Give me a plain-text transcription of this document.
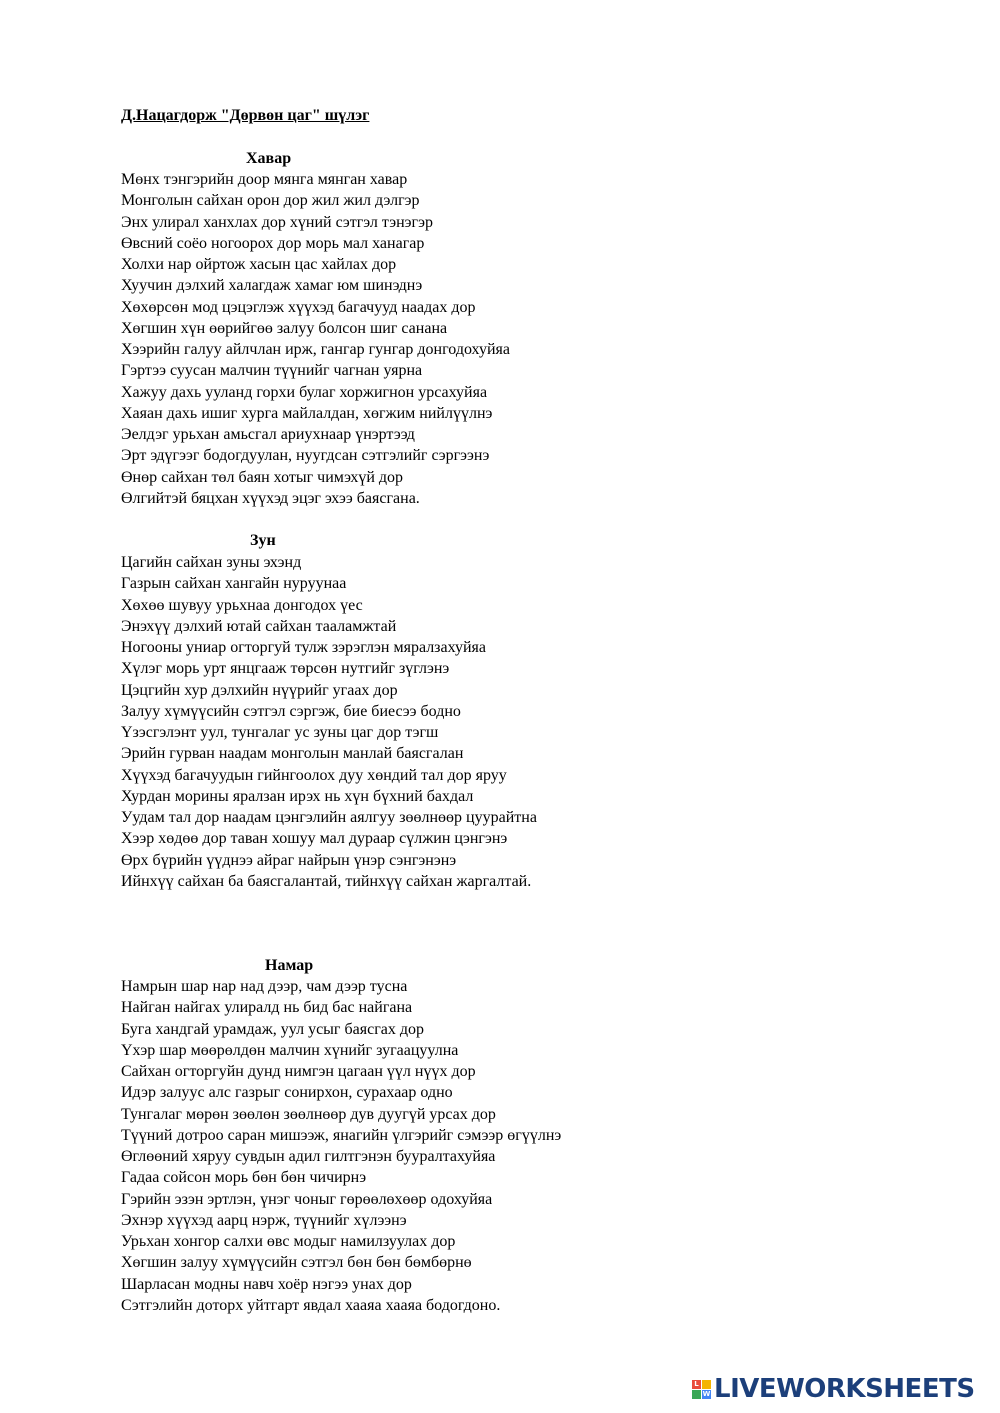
Д.Нацагдорж "Дөрвөн цаг" шүлэг
Хавар
Мөнх тэнгэрийн доор мянга мянган хавар
Монголын сайхан орон дор жил жил дэлгэр
Энх улирал ханхлах дор хүний сэтгэл тэнэгэр
Өвсний соёо ногоорох дор морь мал ханагар
Холхи нар ойртож хасын цас хайлах дор
Хуучин дэлхий халагдаж хамаг юм шинэднэ
Хөхөрсөн мод цэцэглэж хүүхэд багачууд наадах дор
Хөгшин хүн өөрийгөө залуу болсон шиг санана
Хээрийн галуу айлчлан ирж, гангар гунгар донгодохуйяа
Гэртээ суусан малчин түүнийг чагнан уярна
Хажуу дахь ууланд горхи булаг хоржигнон урсахуйяа
Хаяан дахь ишиг хурга майлалдан, хөгжим нийлүүлнэ
Эелдэг урьхан амьсгал ариухнаар үнэртээд
Эрт эдүгээг бодогдуулан, нуугдсан сэтгэлийг сэргээнэ
Өнөр сайхан төл баян хотыг чимэхүй дор
Өлгийтэй бяцхан хүүхэд эцэг эхээ баясгана.
Зун
Цагийн сайхан зуны эхэнд
Газрын сайхан хангайн нуруунаа
Хөхөө шувуу урьхнаа донгодох үес
Энэхүү дэлхий ютай сайхан тааламжтай
Ногооны униар огторгуй тулж зэрэглэн мяралзахуйяа
Хүлэг морь урт янцгааж төрсөн нутгийг зүглэнэ
Цэцгийн хур дэлхийн нүүрийг угаах дор
Залуу хүмүүсийн сэтгэл сэргэж, бие биесээ бодно
Үзэсгэлэнт уул, тунгалаг ус зуны цаг дор тэгш
Эрийн гурван наадам монголын манлай баясгалан
Хүүхэд багачуудын гийнгоолох дуу хөндий тал дор яруу
Хурдан морины яралзан ирэх нь хүн бүхний бахдал
Уудам тал дор наадам цэнгэлийн аялгуу зөөлнөөр цуурайтна
Хээр хөдөө дор таван хошуу мал дураар сүлжин цэнгэнэ
Өрх бүрийн үүднээ айраг найрын үнэр сэнгэнэнэ
Ийнхүү сайхан ба баясгалантай, тийнхүү сайхан жаргалтай.
Намар
Намрын шар нар над дээр, чам дээр тусна
Найган найгах улиралд нь бид бас найгана
Буга хандгай урамдаж, уул усыг баясгах дор
Үхэр шар мөөрөлдөн малчин хүнийг зугаацуулна
Сайхан огторгуйн дунд нимгэн цагаан үүл нүүх дор
Идэр залуус алс газрыг сонирхон, сурахаар одно
Тунгалаг мөрөн зөөлөн зөөлнөөр дув дуугүй урсах дор
Түүний дотроо саран мишээж, янагийн үлгэрийг сэмээр өгүүлнэ
Өглөөний хяруу сувдын адил гилтгэнэн бууралтахуйяа
Гадаа сойсон морь бөн бөн чичирнэ
Гэрийн эзэн эртлэн, үнэг чоныг гөрөөлөхөөр одохуйяа
Эхнэр хүүхэд аарц нэрж, түүнийг хүлээнэ
Урьхан хонгор салхи өвс модыг намилзуулах дор
Хөгшин залуу хүмүүсийн сэтгэл бөн бөн бөмбөрнө
Шарласан модны навч хоёр нэгээ унах дор
Сэтгэлийн доторх уйтгарт явдал хааяа хааяа бодогдоно.
L
W LIVEWORKSHEETS
